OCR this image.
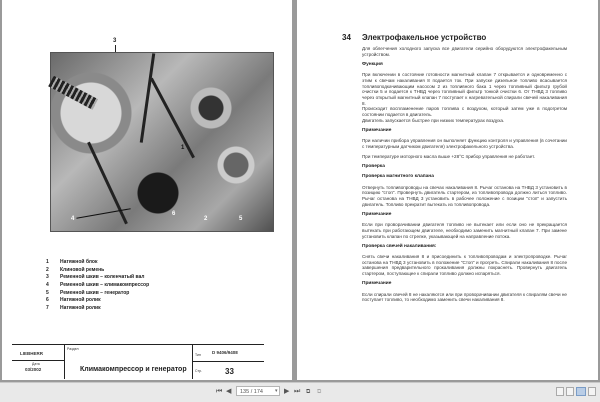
3
1
4
6
2	5
1	Натяжной блок
2	Клиновой ремень
3	Ременной шкив – коленчатый вал
4	Ременной шкив – климакомпрессор
5	Ременной шкив – генератор
6	Натяжной ролик
7	Натяжной ролик
LIEBHERR
Дата
03/2002
Раздел
Климакомпрессор и генератор
Тип D 9406/9408
Стр.	33
34 Электрофакельное устройство

Для облегчения холодного запуска все двигатели серийно оборудуются электрофакельным устройством.

Функция

При включении в состояние готовности магнитный клапан 7 открывается и одновременно с этим к свечам накаливания 8 подается ток. При запуске дизельное топливо всасывается топливоподкачивающим насосом 2 из топливного бака 1 через топливный фильтр грубой очистки 5 и подается к ТНВД через топливный фильтр тонкой очистки 6. От ТНВД 3 топливо через открытый магнитный клапан 7 поступает к нагревательной спирали свечей накаливания 8.

Происходит воспламенение паров топлива с воздухом, который затем уже в подогретом состоянии подается в двигатель.

Двигатель запускается быстрее при низких температурах воздуха.

Примечание

При наличии прибора управления он выполняет функцию контроля и управления (в сочетании с температурным датчиком двигателя) электрофакельного устройства.

При температуре моторного масла выше +28°С прибор управления не работает.

Проверка
Проверка магнитного клапана

Отвернуть топливопроводы на свечах накаливания 8. Рычаг останова на ТНВД 3 установить в позицию "стоп". Провернуть двигатель стартером, из топливопровода должно литься топливо. Рычаг останова на ТНВД 3 установить в рабочее положение с позиции "стоп" и запустить двигатель. Топливо прекратит вытекать из топливопровода.

Примечание

Если при проворачивании двигателя топливо не вытекает или если оно не прекращается вытекать при работающем двигателе, необходимо заменить магнитный клапан 7. При замене установить клапан по стрелке, указывающей на направление потока.

Проверка свечей накаливания:

Снять свечи накаливания 8 и присоединить к топливопроводам и электропроводке. Рычаг останова на ТНВД 3 установить в положение "Стоп" и прогреть. Спирали накаливания 8 после завершения предварительного прокаливания должны покраснеть. Провернуть двигатель стартером, поступающее к спирали топливо должно испаряться.

Примечание

Если спирали свечей 8 не накаляются или при проворачивании двигателя к спиралям свечи не поступает топливо, то необходимо заменить свечи накаливания 8.

⏮ ◀	135 / 174	▾ ▶ ⏭ ⧉ ⧉
